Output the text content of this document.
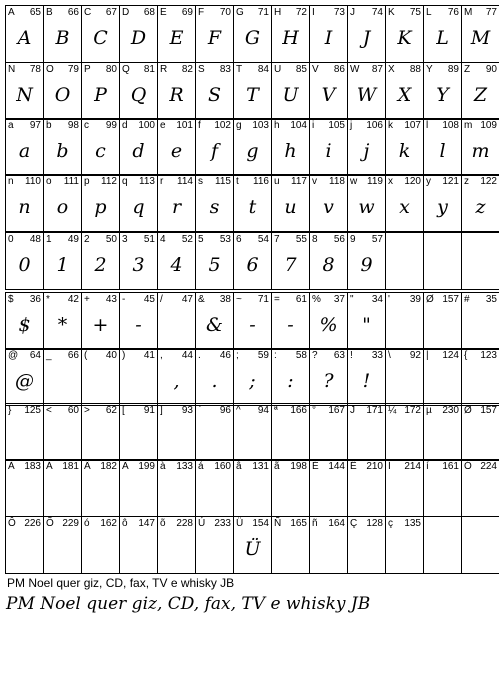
A 65
A
B 66
B
C 67
C
D 68
D
E 69
E
F 70
F
G 71
G
H 72
H
I 73
I
J 74
J
K 75
K
L 76
L
M 77
M
N 78
N
O 79
O
P 80
P
Q 81
Q
R 82
R
S 83
S
T 84
T
U 85
U
V 86
V
W 87
W
X 88
X
Y 89
Y
Z 90
Z
a 97
a
b 98
b
c 99
c
d 100
d
e 101
e
f 102
f
g 103
g
h 104
h
i 105
i
j 106
j
k 107
k
l 108
l
m 109
m
n 110
n
o 111
o
p 112
p
q 113
q
r 114
r
s 115
s
t 116
t
u 117
u
v 118
v
w 119
w
x 120
x
y 121
y
z 122
z
0 48
0
1 49
1
2 50
2
3 51
3
4 52
4
5 53
5
6 54
6
7 55
7
8 56
8
9 57
9
$ 36
$
* 42
*
+ 43
+
- 45
-
/ 47 & 38
&
~ 71
-
= 61
-
% 37
%
" 34
"
' 39 Ø 157 # 35
@ 64
@
_ 66 ( 40 ) 41 , 44
,
. 46
.
; 59
;
: 58
:
? 63
?
! 33
!
\ 92 | 124 { 123
} 125 < 60 > 62 [ 91 ] 93 ` 96 ^ 94 ª 166 ° 167 J 171 ¼ 172 µ 230 Ø 157
À 183 Á 181 Â 182 Ã 199 à 133 á 160 â 131 ã 198 É 144 Ê 210 Í 214 í 161 Ó 224
Ô 226 Õ 229 ó 162 ô 147 õ 228 Ú 233 Ü 154
Ü
Ñ 165 ñ 164 Ç 128 ç 135
PM Noel quer giz, CD, fax, TV e whisky JB
PM Noel quer giz, CD, fax, TV e whisky JB
